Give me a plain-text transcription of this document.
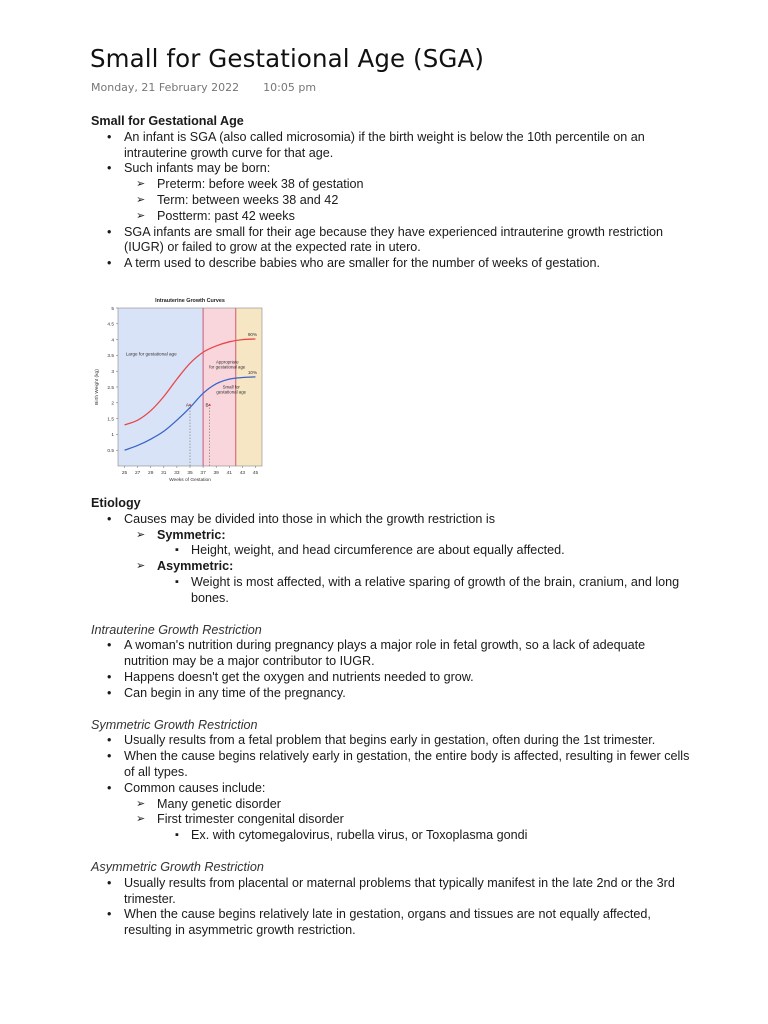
Small for Gestational Age (SGA)
Monday, 21 February 2022 10:05 pm

Small for Gestational Age

• An infant is SGA (also called microsomia) if the birth weight is below the 10th percentile on an intrauterine growth curve for that age.
• Such infants may be born:
➢ Preterm: before week 38 of gestation
➢ Term: between weeks 38 and 42
➢ Postterm: past 42 weeks
• SGA infants are small for their age because they have experienced intrauterine growth restriction (IUGR) or failed to grow at the expected rate in utero.
• A term used to describe babies who are smaller for the number of weeks of gestation.
Intrauterine Growth Curves
0.5
1
1.5
2
2.5
3
3.5
4
4.5
5
25 27 29 31 33 35 37 39 41 43 45
Weeks of Gestation
Birth Weight (kg)
90%
10%
Large for gestational age
Appropriate for gestational age
Small for gestational age
A	B

Etiology

• Causes may be divided into those in which the growth restriction is
➢ Symmetric:
▪ Height, weight, and head circumference are about equally affected.
➢ Asymmetric:
▪ Weight is most affected, with a relative sparing of growth of the brain, cranium, and long bones.

Intrauterine Growth Restriction

• A woman's nutrition during pregnancy plays a major role in fetal growth, so a lack of adequate nutrition may be a major contributor to IUGR.
• Happens doesn't get the oxygen and nutrients needed to grow.
• Can begin in any time of the pregnancy.

Symmetric Growth Restriction

• Usually results from a fetal problem that begins early in gestation, often during the 1st trimester.
• When the cause begins relatively early in gestation, the entire body is affected, resulting in fewer cells of all types.
• Common causes include:
➢ Many genetic disorder
➢ First trimester congenital disorder
▪ Ex. with cytomegalovirus, rubella virus, or Toxoplasma gondi

Asymmetric Growth Restriction

• Usually results from placental or maternal problems that typically manifest in the late 2nd or the 3rd trimester.
• When the cause begins relatively late in gestation, organs and tissues are not equally affected, resulting in asymmetric growth restriction.
